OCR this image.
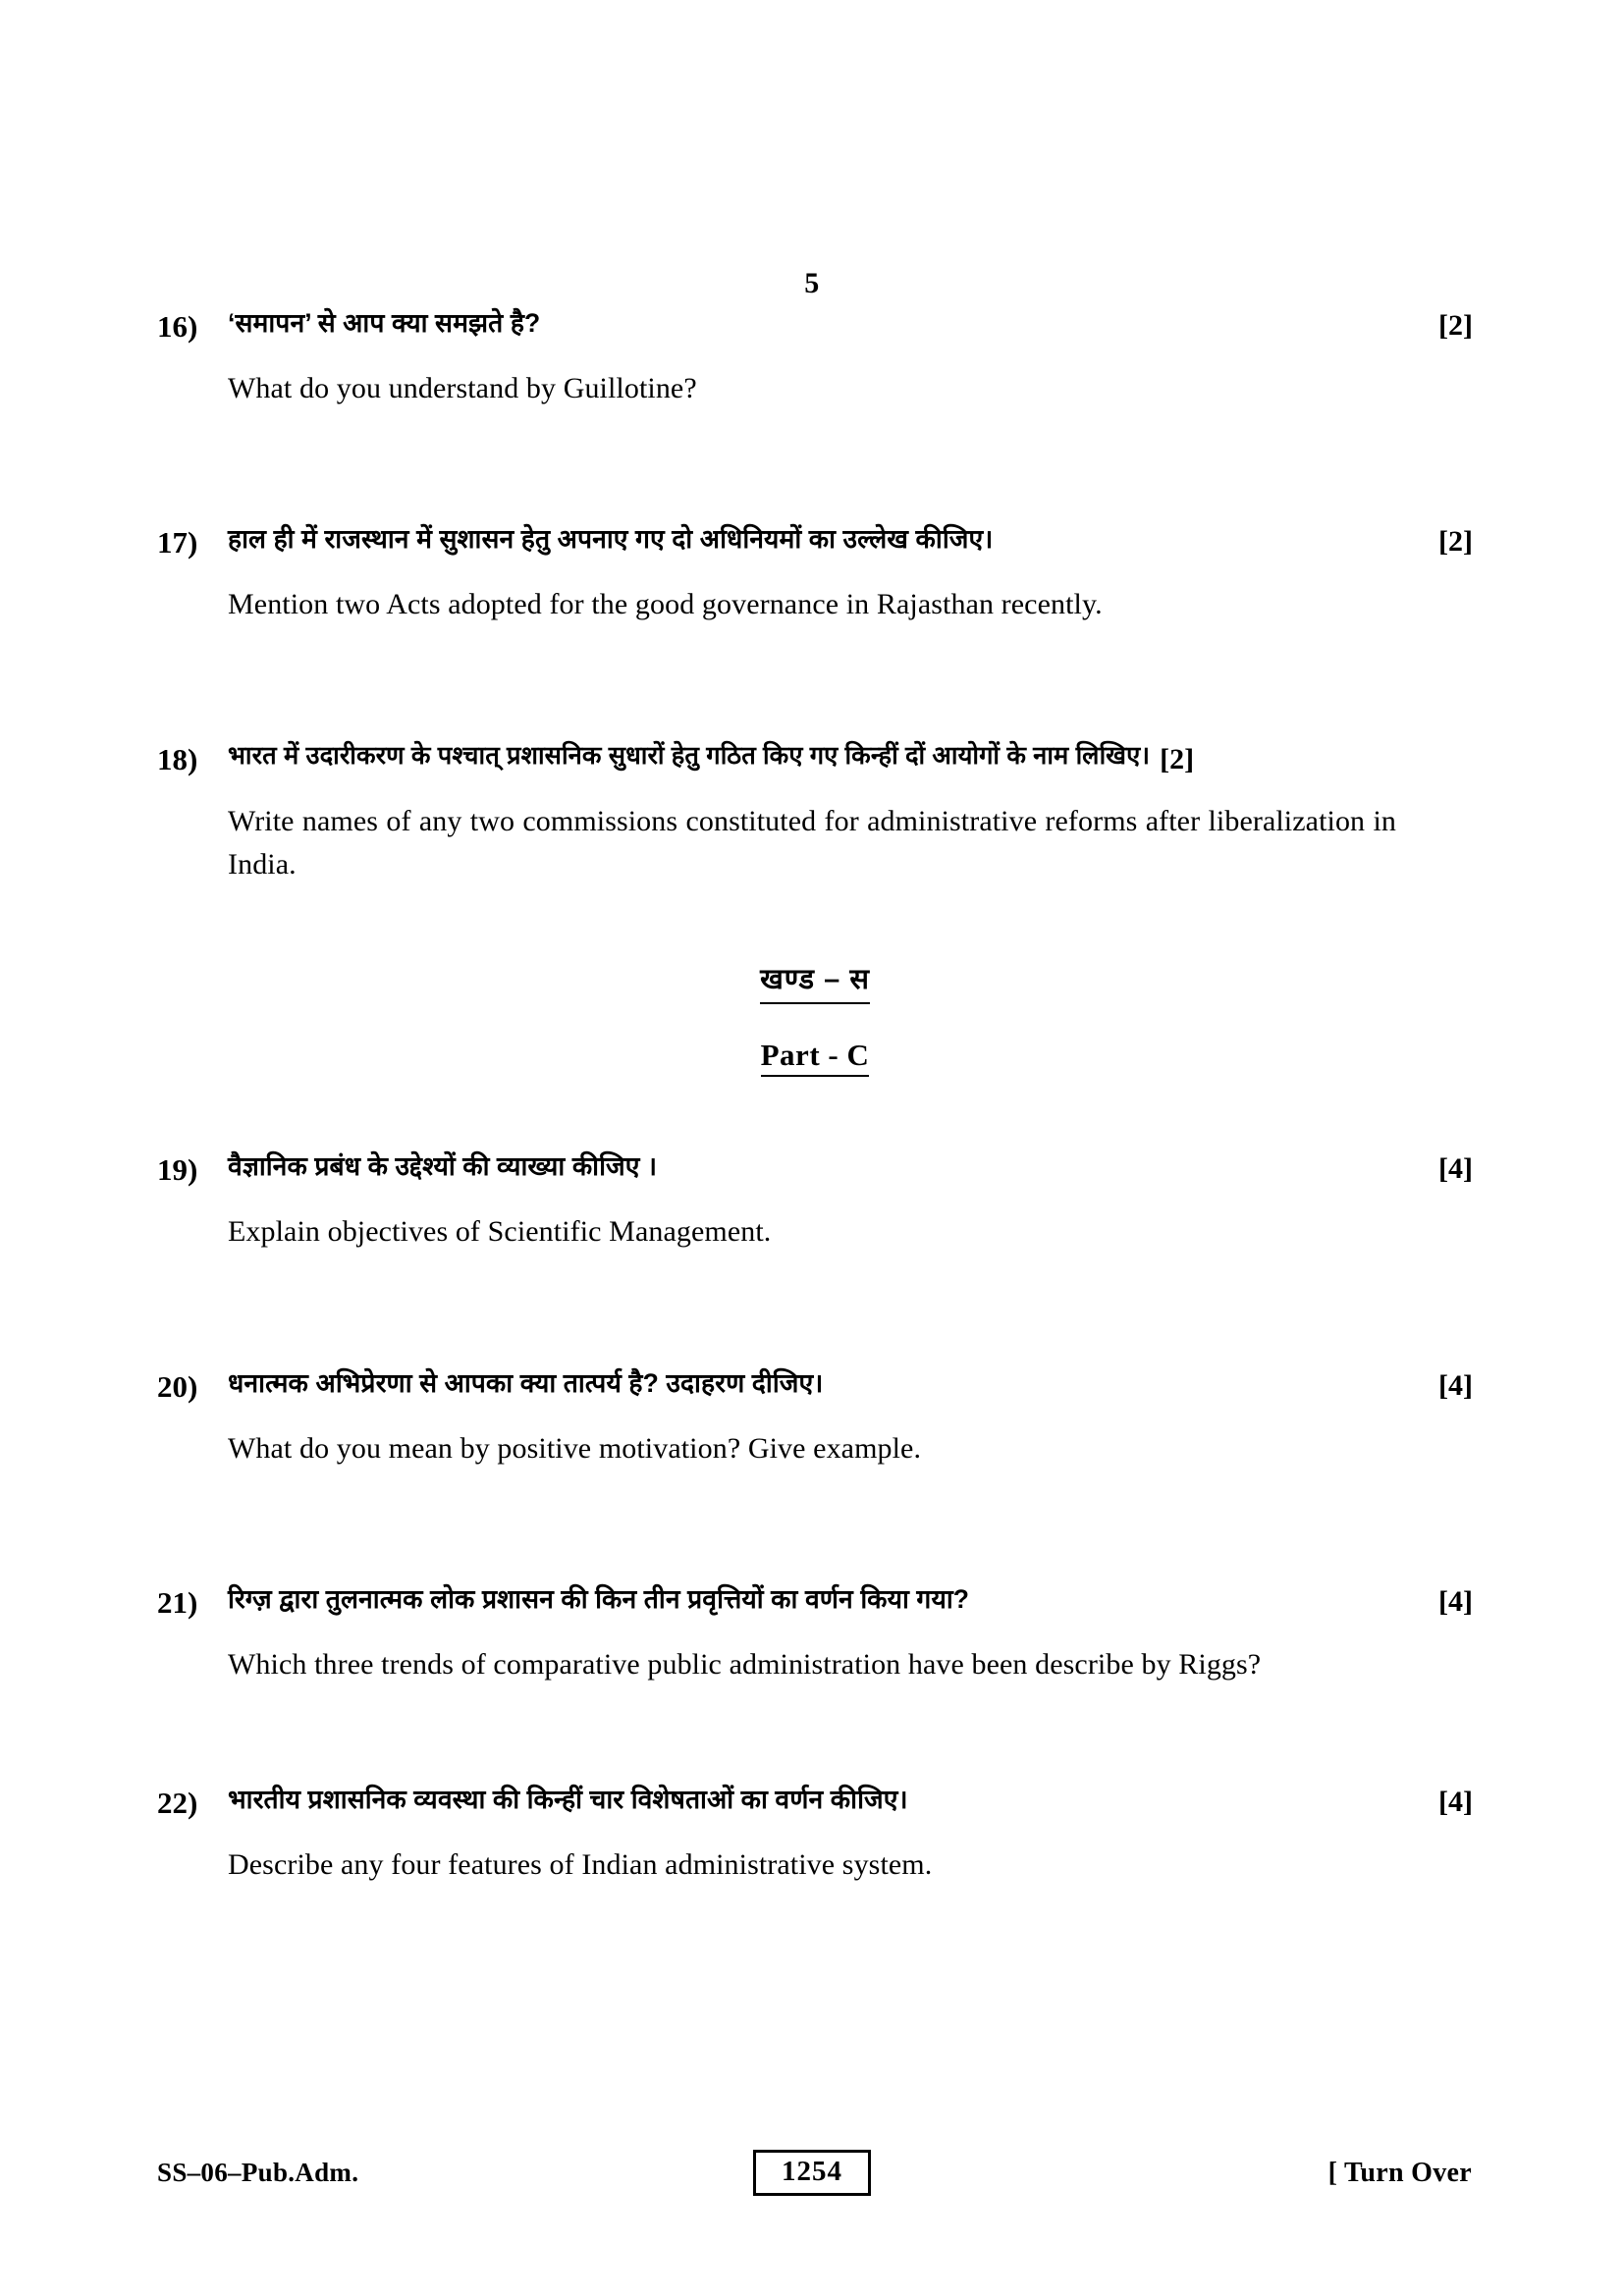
5
16)	‘समापन’ से आप क्या समझते है?	[2]
What do you understand by Guillotine?
17)	हाल ही में राजस्थान में सुशासन हेतु अपनाए गए दो अधिनियमों का उल्लेख कीजिए।	[2]
Mention two Acts adopted for the good governance in Rajasthan recently.
18)	भारत में उदारीकरण के पश्चात् प्रशासनिक सुधारों हेतु गठित किए गए किन्हीं दों आयोगों के नाम लिखिए। [2]
Write names of any two commissions constituted for administrative reforms after liberalization in India.
खण्ड – स
Part - C
19)	वैज्ञानिक प्रबंध के उद्देश्यों की व्याख्या कीजिए ।	[4]
Explain objectives of Scientific Management.
20)	धनात्मक अभिप्रेरणा से आपका क्या तात्पर्य है? उदाहरण दीजिए।	[4]
What do you mean by positive motivation? Give example.
21)	रिग्ज़ द्वारा तुलनात्मक लोक प्रशासन की किन तीन प्रवृत्तियों का वर्णन किया गया?	[4]
Which three trends of comparative public administration have been describe by Riggs?
22)	भारतीय प्रशासनिक व्यवस्था की किन्हीं चार विशेषताओं का वर्णन कीजिए।	[4]
Describe any four features of Indian administrative system.
SS–06–Pub.Adm.	1254	[ Turn Over
